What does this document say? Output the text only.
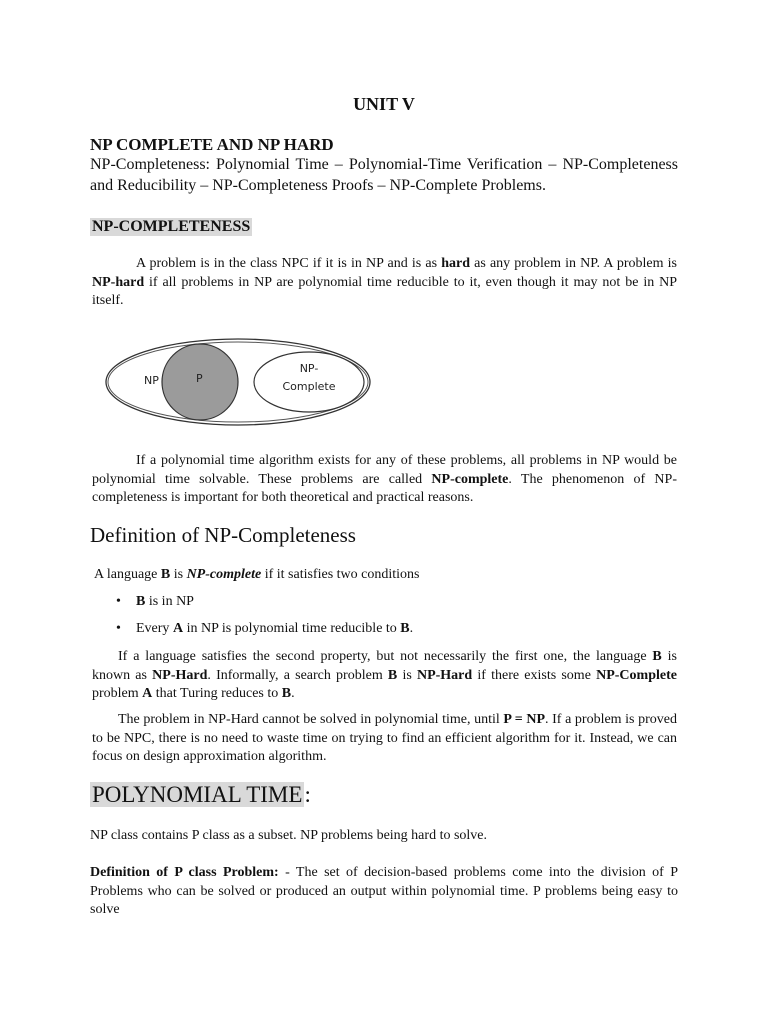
UNIT V
NP COMPLETE AND NP HARD
NP-Completeness: Polynomial Time – Polynomial-Time Verification – NP-Completeness and Reducibility – NP-Completeness Proofs – NP-Complete Problems.
NP-COMPLETENESS

A problem is in the class NPC if it is in NP and is as hard as any problem in NP. A problem is NP-hard if all problems in NP are polynomial time reducible to it, even though it may not be in NP itself.

NP	P
NP-
Complete

If a polynomial time algorithm exists for any of these problems, all problems in NP would be polynomial time solvable. These problems are called NP-complete. The phenomenon of NP-completeness is important for both theoretical and practical reasons.

Definition of NP-Completeness
A language B is NP-complete if it satisfies two conditions
• B is in NP
• Every A in NP is polynomial time reducible to B.

If a language satisfies the second property, but not necessarily the first one, the language B is known as NP-Hard. Informally, a search problem B is NP-Hard if there exists some NP-Complete problem A that Turing reduces to B.

The problem in NP-Hard cannot be solved in polynomial time, until P = NP. If a problem is proved to be NPC, there is no need to waste time on trying to find an efficient algorithm for it. Instead, we can focus on design approximation algorithm.

POLYNOMIAL TIME:
NP class contains P class as a subset. NP problems being hard to solve.

Definition of P class Problem: - The set of decision-based problems come into the division of P Problems who can be solved or produced an output within polynomial time. P problems being easy to solve
